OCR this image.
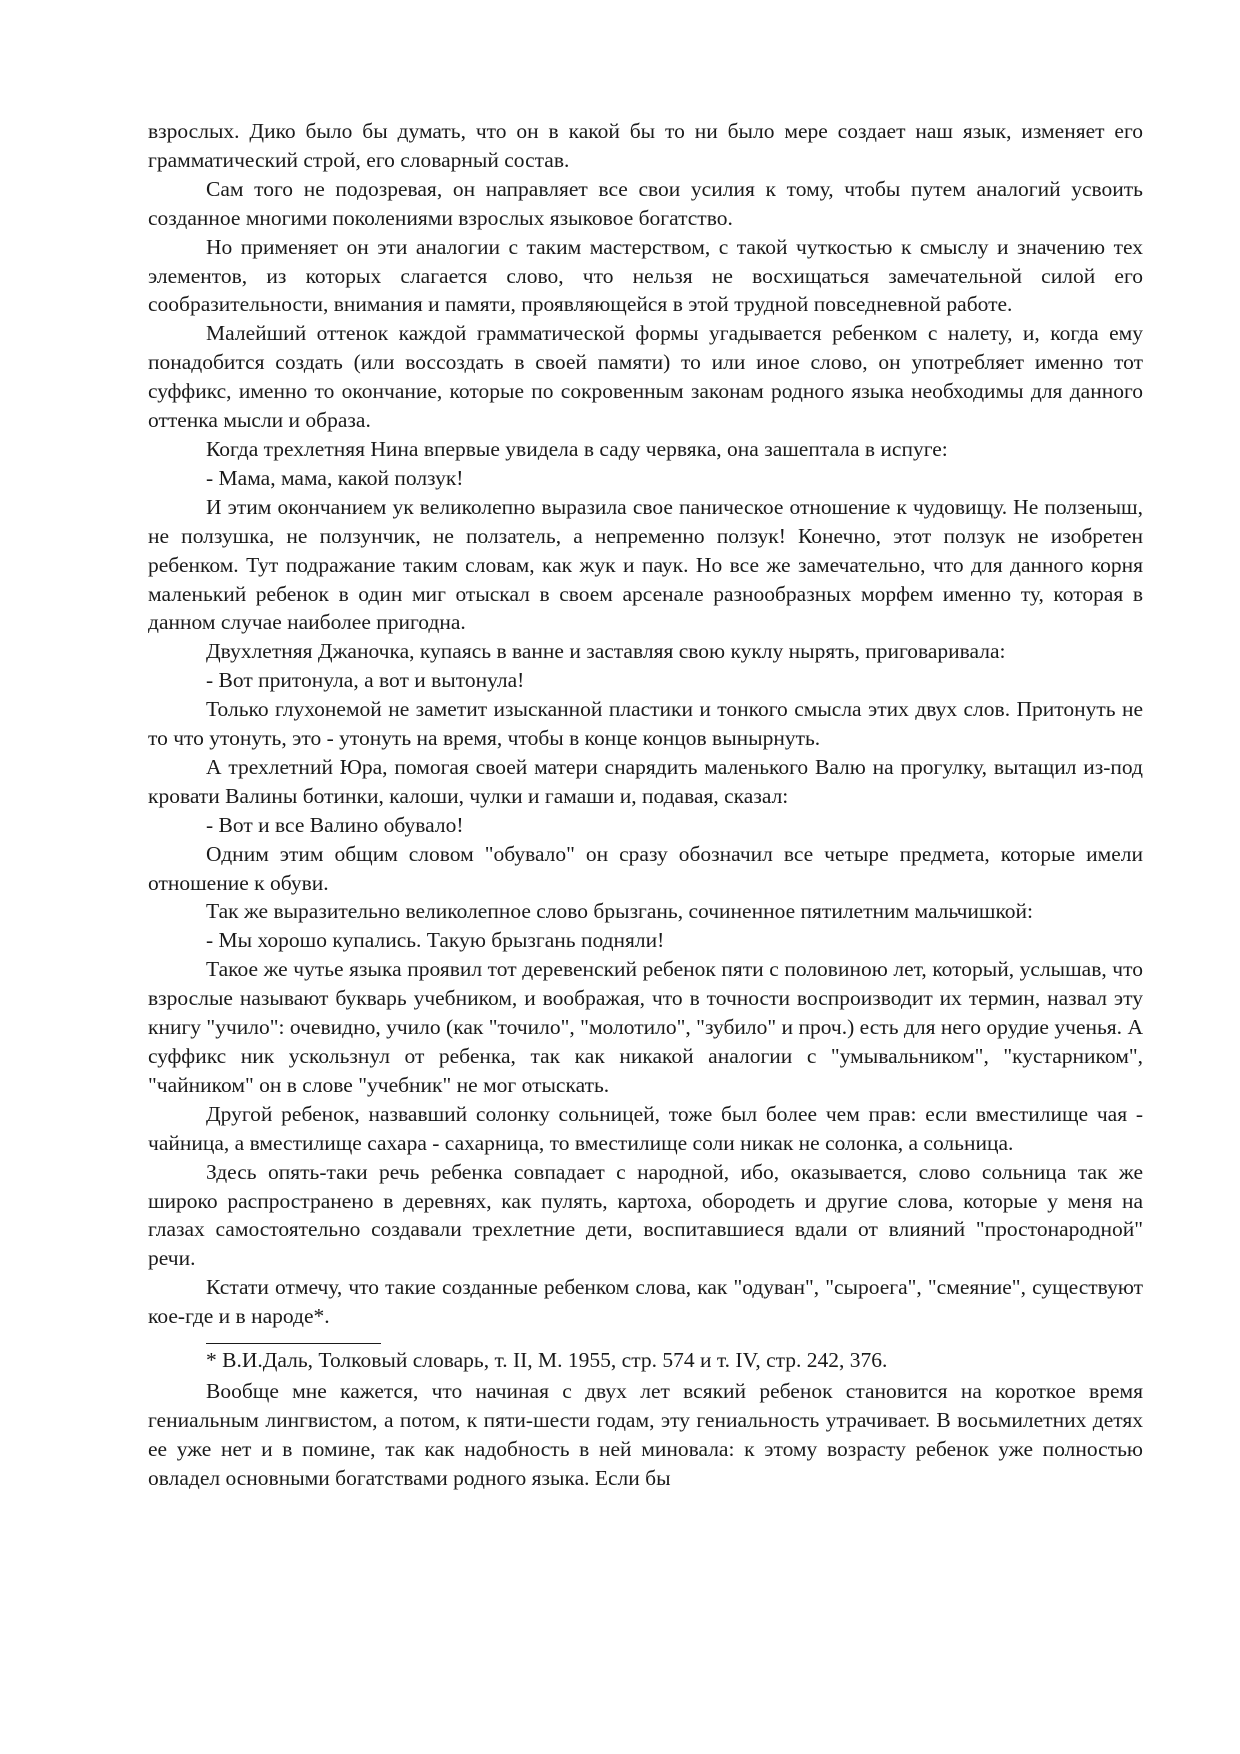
взрослых. Дико было бы думать, что он в какой бы то ни было мере создает наш язык, изменяет его грамматический строй, его словарный состав.

Сам того не подозревая, он направляет все свои усилия к тому, чтобы путем аналогий усвоить созданное многими поколениями взрослых языковое богатство.

Но применяет он эти аналогии с таким мастерством, с такой чуткостью к смыслу и значению тех элементов, из которых слагается слово, что нельзя не восхищаться замечательной силой его сообразительности, внимания и памяти, проявляющейся в этой трудной повседневной работе.

Малейший оттенок каждой грамматической формы угадывается ребенком с налету, и, когда ему понадобится создать (или воссоздать в своей памяти) то или иное слово, он употребляет именно тот суффикс, именно то окончание, которые по сокровенным законам родного языка необходимы для данного оттенка мысли и образа.

Когда трехлетняя Нина впервые увидела в саду червяка, она зашептала в испуге:

- Мама, мама, какой ползук!

И этим окончанием ук великолепно выразила свое паническое отношение к чудовищу. Не ползеныш, не ползушка, не ползунчик, не ползатель, а непременно ползук! Конечно, этот ползук не изобретен ребенком. Тут подражание таким словам, как жук и паук. Но все же замечательно, что для данного корня маленький ребенок в один миг отыскал в своем арсенале разнообразных морфем именно ту, которая в данном случае наиболее пригодна.

Двухлетняя Джаночка, купаясь в ванне и заставляя свою куклу нырять, приговаривала:

- Вот притонула, а вот и вытонула!

Только глухонемой не заметит изысканной пластики и тонкого смысла этих двух слов. Притонуть не то что утонуть, это - утонуть на время, чтобы в конце концов вынырнуть.

А трехлетний Юра, помогая своей матери снарядить маленького Валю на прогулку, вытащил из-под кровати Валины ботинки, калоши, чулки и гамаши и, подавая, сказал:

- Вот и все Валино обувало!

Одним этим общим словом "обувало" он сразу обозначил все четыре предмета, которые имели отношение к обуви.

Так же выразительно великолепное слово брызгань, сочиненное пятилетним мальчишкой:

- Мы хорошо купались. Такую брызгань подняли!

Такое же чутье языка проявил тот деревенский ребенок пяти с половиною лет, который, услышав, что взрослые называют букварь учебником, и воображая, что в точности воспроизводит их термин, назвал эту книгу "учило": очевидно, учило (как "точило", "молотило", "зубило" и проч.) есть для него орудие ученья. А суффикс ник ускользнул от ребенка, так как никакой аналогии с "умывальником", "кустарником", "чайником" он в слове "учебник" не мог отыскать.

Другой ребенок, назвавший солонку сольницей, тоже был более чем прав: если вместилище чая - чайница, а вместилище сахара - сахарница, то вместилище соли никак не солонка, а сольница.

Здесь опять-таки речь ребенка совпадает с народной, ибо, оказывается, слово сольница так же широко распространено в деревнях, как пулять, картоха, обородеть и другие слова, которые у меня на глазах самостоятельно создавали трехлетние дети, воспитавшиеся вдали от влияний "простонародной" речи.

Кстати отмечу, что такие созданные ребенком слова, как "одуван", "сыроега", "смеяние", существуют кое-где и в народе*.

* В.И.Даль, Толковый словарь, т. II, М. 1955, стр. 574 и т. IV, стр. 242, 376.

Вообще мне кажется, что начиная с двух лет всякий ребенок становится на короткое время гениальным лингвистом, а потом, к пяти-шести годам, эту гениальность утрачивает. В восьмилетних детях ее уже нет и в помине, так как надобность в ней миновала: к этому возрасту ребенок уже полностью овладел основными богатствами родного языка. Если бы
